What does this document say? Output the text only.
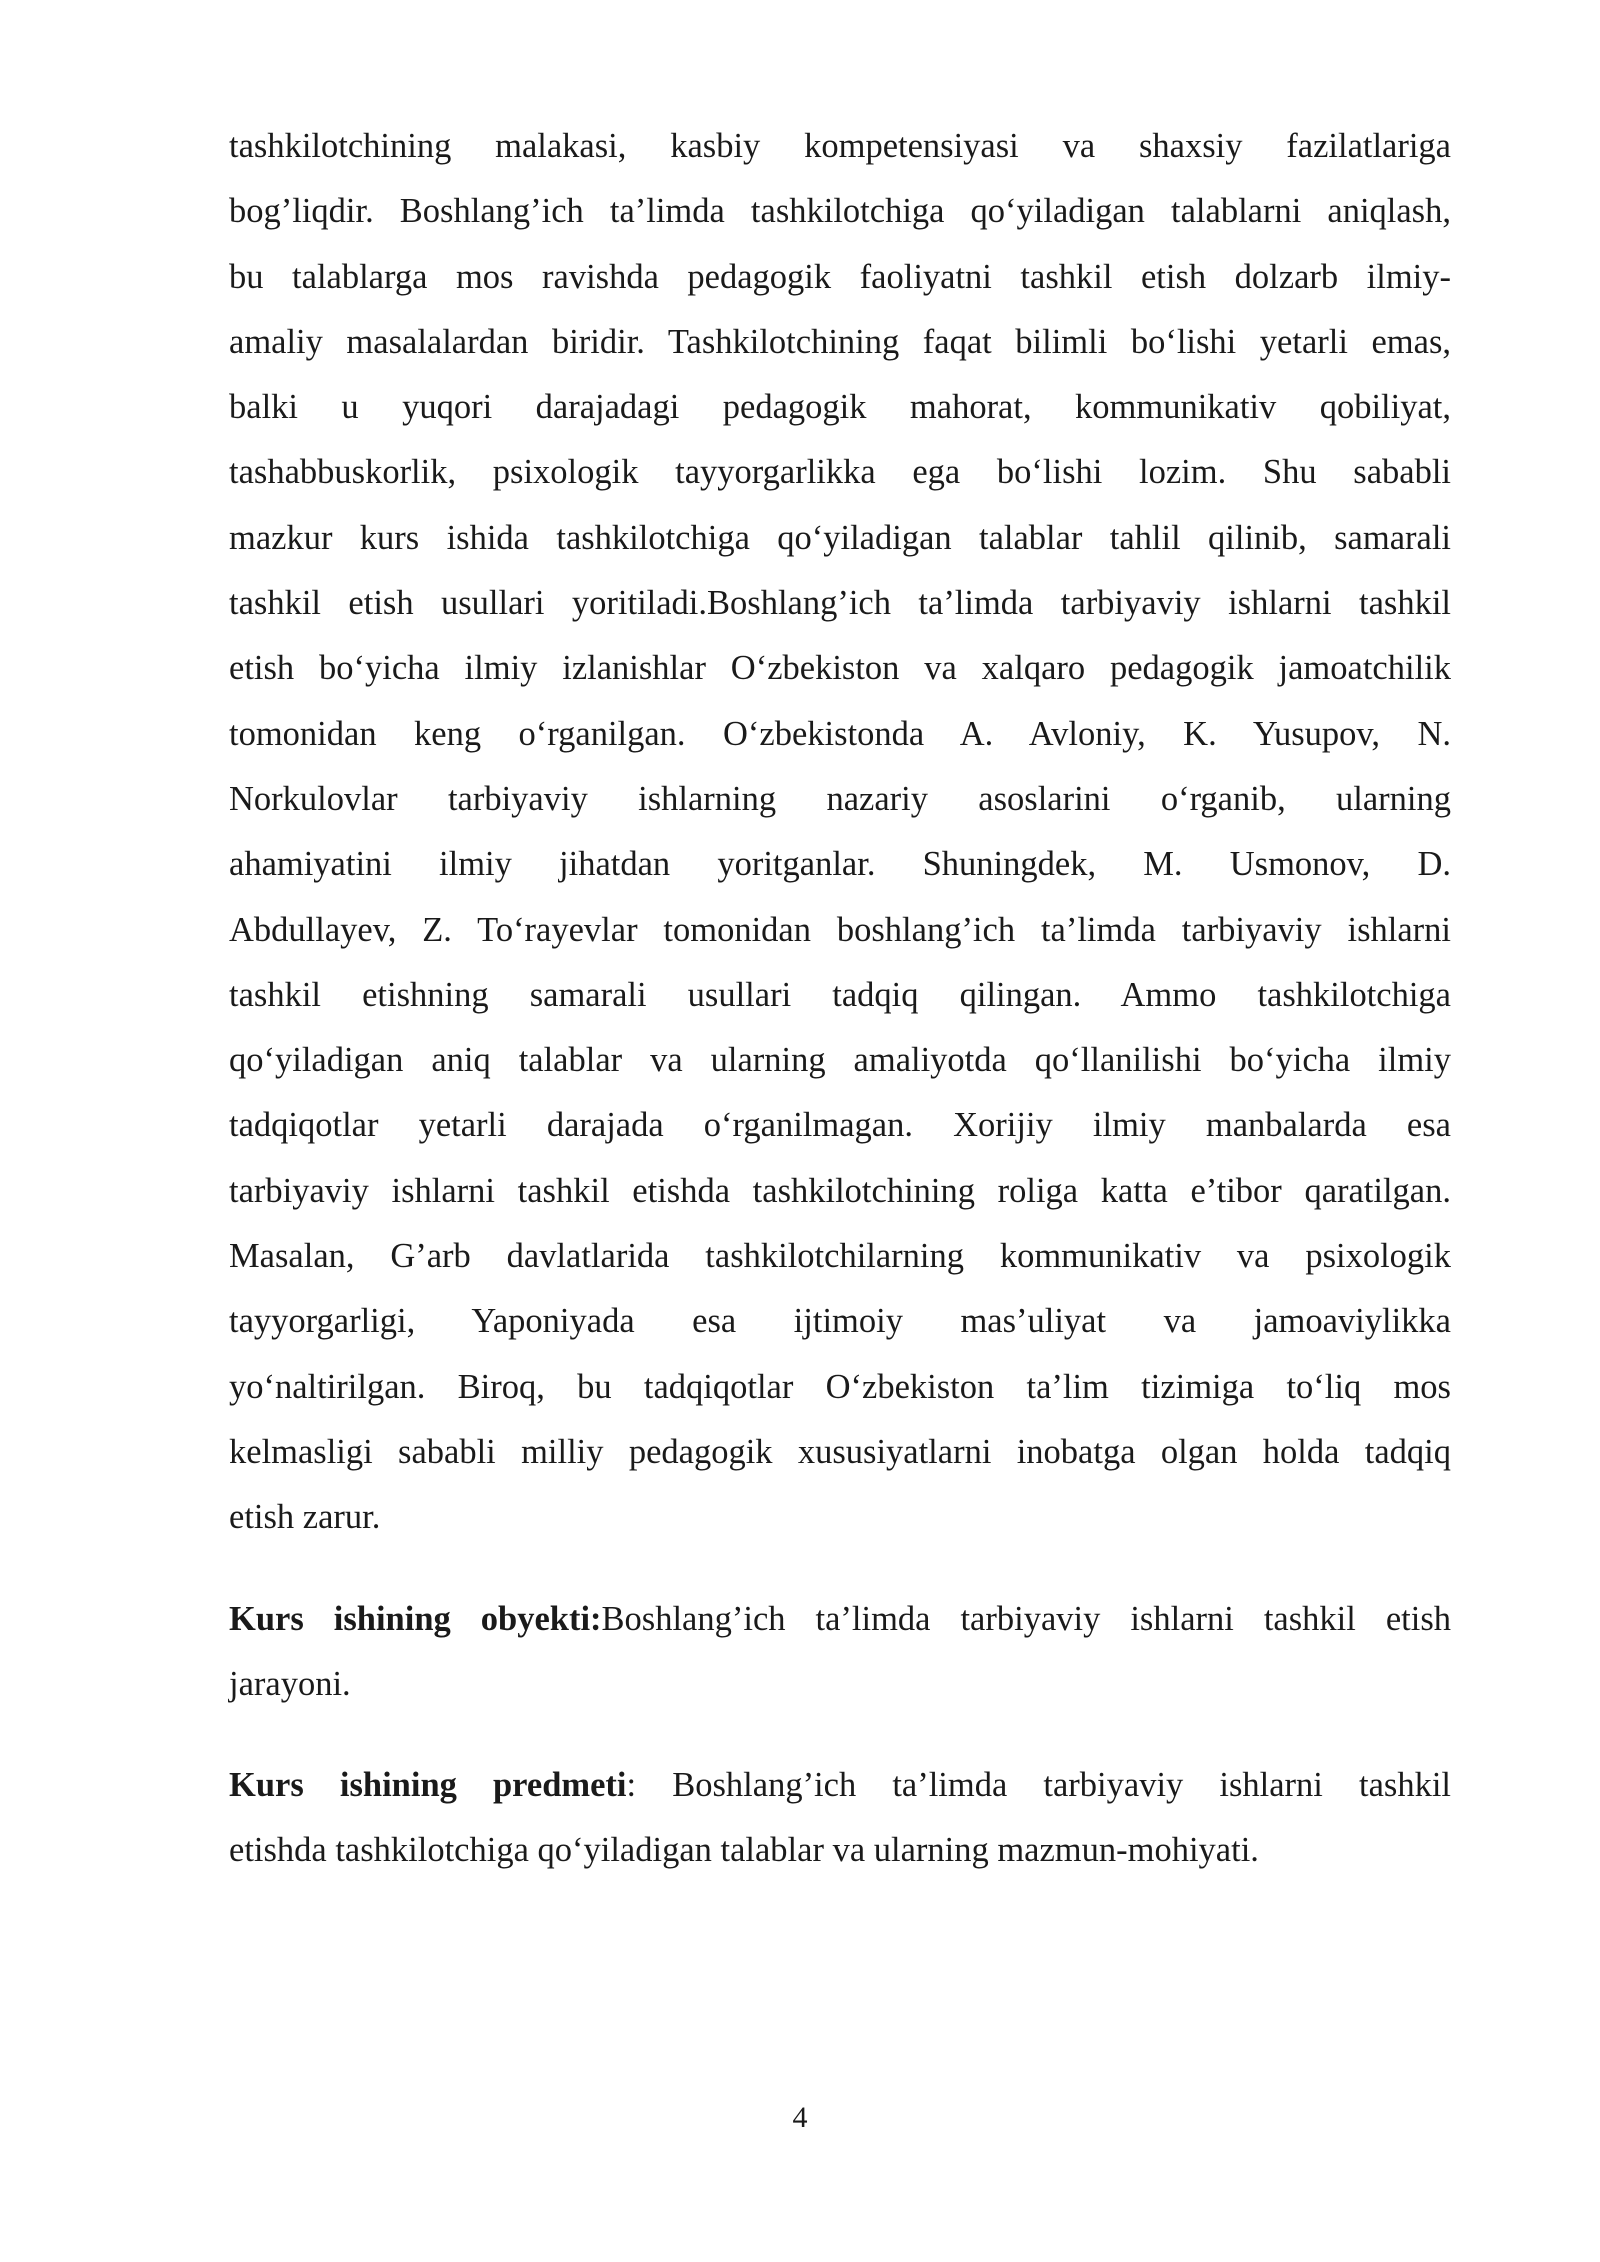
tashkilotchining malakasi, kasbiy kompetensiyasi va shaxsiy fazilatlariga
bog’liqdir. Boshlang’ich ta’limda tashkilotchiga qo‘yiladigan talablarni aniqlash,
bu talablarga mos ravishda pedagogik faoliyatni tashkil etish dolzarb ilmiy-
amaliy masalalardan biridir. Tashkilotchining faqat bilimli bo‘lishi yetarli emas,
balki u yuqori darajadagi pedagogik mahorat, kommunikativ qobiliyat,
tashabbuskorlik, psixologik tayyorgarlikka ega bo‘lishi lozim. Shu sababli
mazkur kurs ishida tashkilotchiga qo‘yiladigan talablar tahlil qilinib, samarali
tashkil etish usullari yoritiladi.Boshlang’ich ta’limda tarbiyaviy ishlarni tashkil
etish bo‘yicha ilmiy izlanishlar O‘zbekiston va xalqaro pedagogik jamoatchilik
tomonidan keng o‘rganilgan. O‘zbekistonda A. Avloniy, K. Yusupov, N.
Norkulovlar tarbiyaviy ishlarning nazariy asoslarini o‘rganib, ularning
ahamiyatini ilmiy jihatdan yoritganlar. Shuningdek, M. Usmonov, D.
Abdullayev, Z. To‘rayevlar tomonidan boshlang’ich ta’limda tarbiyaviy ishlarni
tashkil etishning samarali usullari tadqiq qilingan. Ammo tashkilotchiga
qo‘yiladigan aniq talablar va ularning amaliyotda qo‘llanilishi bo‘yicha ilmiy
tadqiqotlar yetarli darajada o‘rganilmagan. Xorijiy ilmiy manbalarda esa
tarbiyaviy ishlarni tashkil etishda tashkilotchining roliga katta e’tibor qaratilgan.
Masalan, G’arb davlatlarida tashkilotchilarning kommunikativ va psixologik
tayyorgarligi, Yaponiyada esa ijtimoiy mas’uliyat va jamoaviylikka
yo‘naltirilgan. Biroq, bu tadqiqotlar O‘zbekiston ta’lim tizimiga to‘liq mos
kelmasligi sababli milliy pedagogik xususiyatlarni inobatga olgan holda tadqiq
etish zarur.

Kurs ishining obyekti:Boshlang’ich ta’limda tarbiyaviy ishlarni tashkil etish
jarayoni.

Kurs ishining predmeti: Boshlang’ich ta’limda tarbiyaviy ishlarni tashkil
etishda tashkilotchiga qo‘yiladigan talablar va ularning mazmun-mohiyati.

4
